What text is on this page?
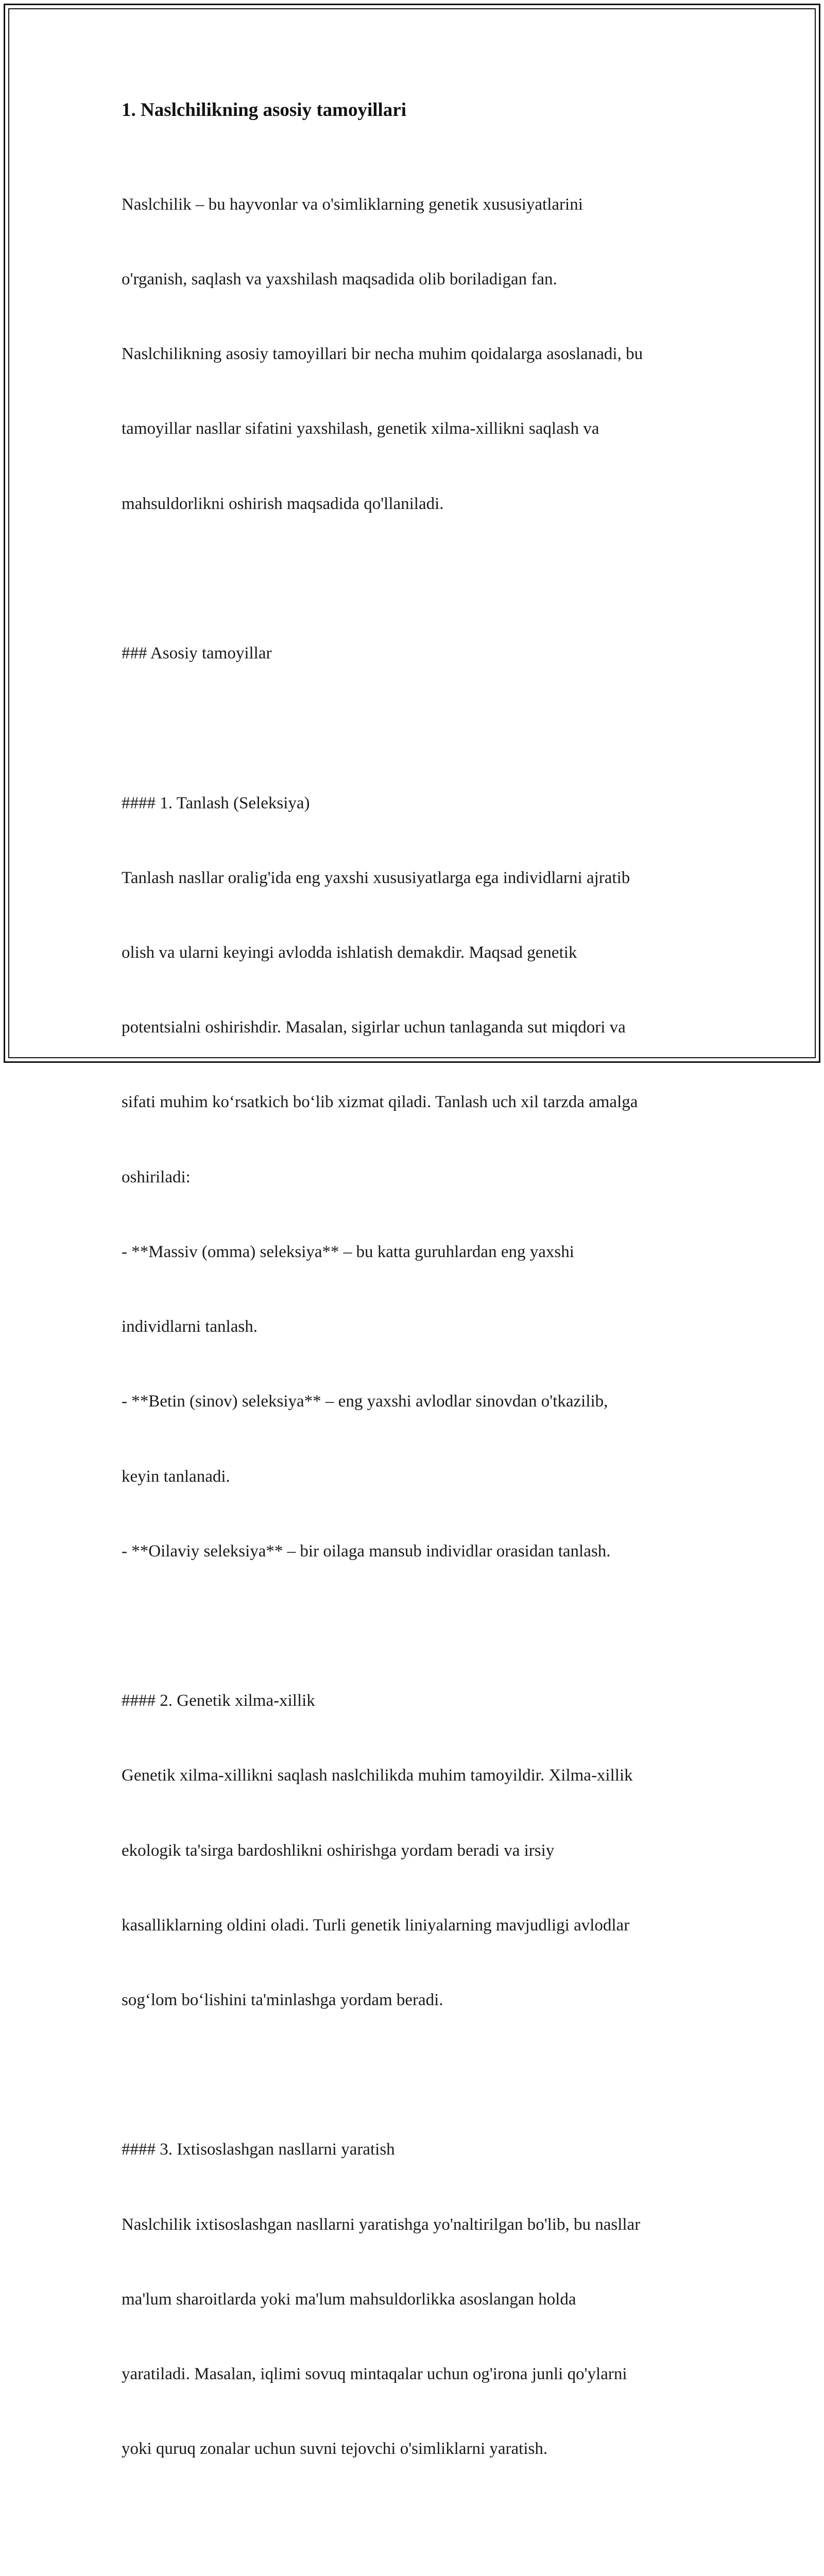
1. Naslchilikning asosiy tamoyillari

Naslchilik – bu hayvonlar va o'simliklarning genetik xususiyatlarini

o'rganish, saqlash va yaxshilash maqsadida olib boriladigan fan.

Naslchilikning asosiy tamoyillari bir necha muhim qoidalarga asoslanadi, bu

tamoyillar nasllar sifatini yaxshilash, genetik xilma-xillikni saqlash va

mahsuldorlikni oshirish maqsadida qo'llaniladi.

### Asosiy tamoyillar

#### 1. Tanlash (Seleksiya)

Tanlash nasllar oralig'ida eng yaxshi xususiyatlarga ega individlarni ajratib

olish va ularni keyingi avlodda ishlatish demakdir. Maqsad genetik

potentsialni oshirishdir. Masalan, sigirlar uchun tanlaganda sut miqdori va

sifati muhim ko‘rsatkich bo‘lib xizmat qiladi. Tanlash uch xil tarzda amalga

oshiriladi:

- **Massiv (omma) seleksiya** – bu katta guruhlardan eng yaxshi

individlarni tanlash.

- **Betin (sinov) seleksiya** – eng yaxshi avlodlar sinovdan o'tkazilib,

keyin tanlanadi.

- **Oilaviy seleksiya** – bir oilaga mansub individlar orasidan tanlash.

#### 2. Genetik xilma-xillik

Genetik xilma-xillikni saqlash naslchilikda muhim tamoyildir. Xilma-xillik

ekologik ta'sirga bardoshlikni oshirishga yordam beradi va irsiy

kasalliklarning oldini oladi. Turli genetik liniyalarning mavjudligi avlodlar

sog‘lom bo‘lishini ta'minlashga yordam beradi.

#### 3. Ixtisoslashgan nasllarni yaratish

Naslchilik ixtisoslashgan nasllarni yaratishga yo'naltirilgan bo'lib, bu nasllar

ma'lum sharoitlarda yoki ma'lum mahsuldorlikka asoslangan holda

yaratiladi. Masalan, iqlimi sovuq mintaqalar uchun og'irona junli qo'ylarni

yoki quruq zonalar uchun suvni tejovchi o'simliklarni yaratish.
